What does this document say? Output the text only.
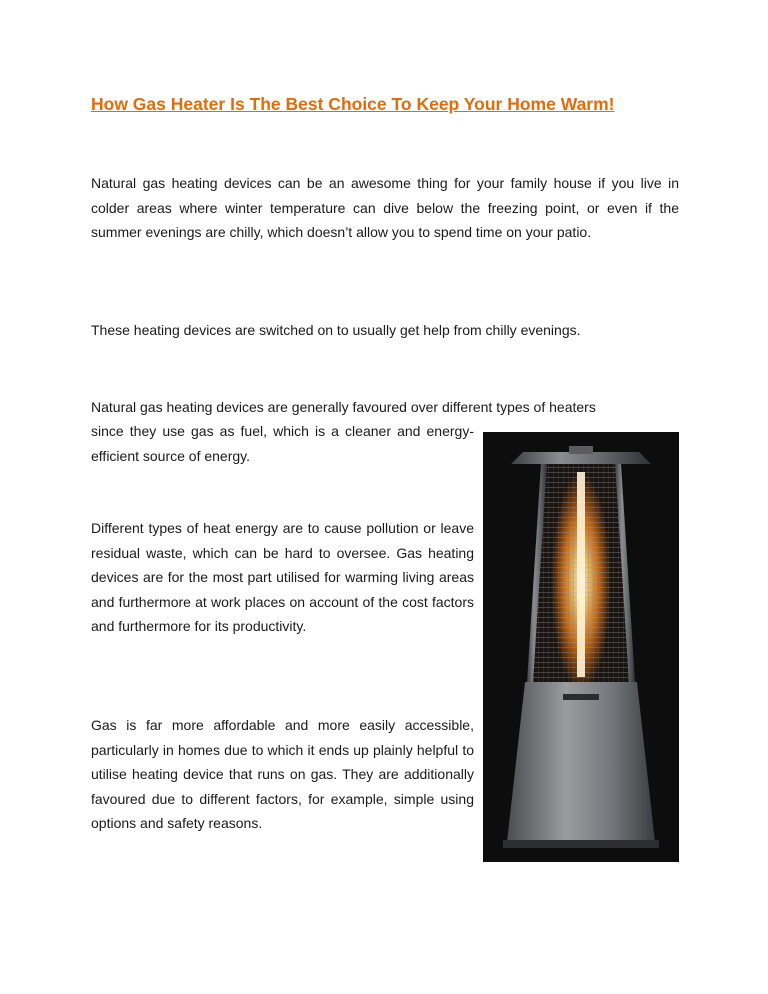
How Gas Heater Is The Best Choice To Keep Your Home Warm!

Natural gas heating devices can be an awesome thing for your family house if you live in colder areas where winter temperature can dive below the freezing point, or even if the summer evenings are chilly, which doesn’t allow you to spend time on your patio.

These heating devices are switched on to usually get help from chilly evenings.

Natural gas heating devices are generally favoured over different types of heaters

since they use gas as fuel, which is a cleaner and energy-efficient source of energy.

Different types of heat energy are to cause pollution or leave residual waste, which can be hard to oversee. Gas heating devices are for the most part utilised for warming living areas and furthermore at work places on account of the cost factors and furthermore for its productivity.

Gas is far more affordable and more easily accessible, particularly in homes due to which it ends up plainly helpful to utilise heating device that runs on gas. They are additionally favoured due to different factors, for example, simple using options and safety reasons.
